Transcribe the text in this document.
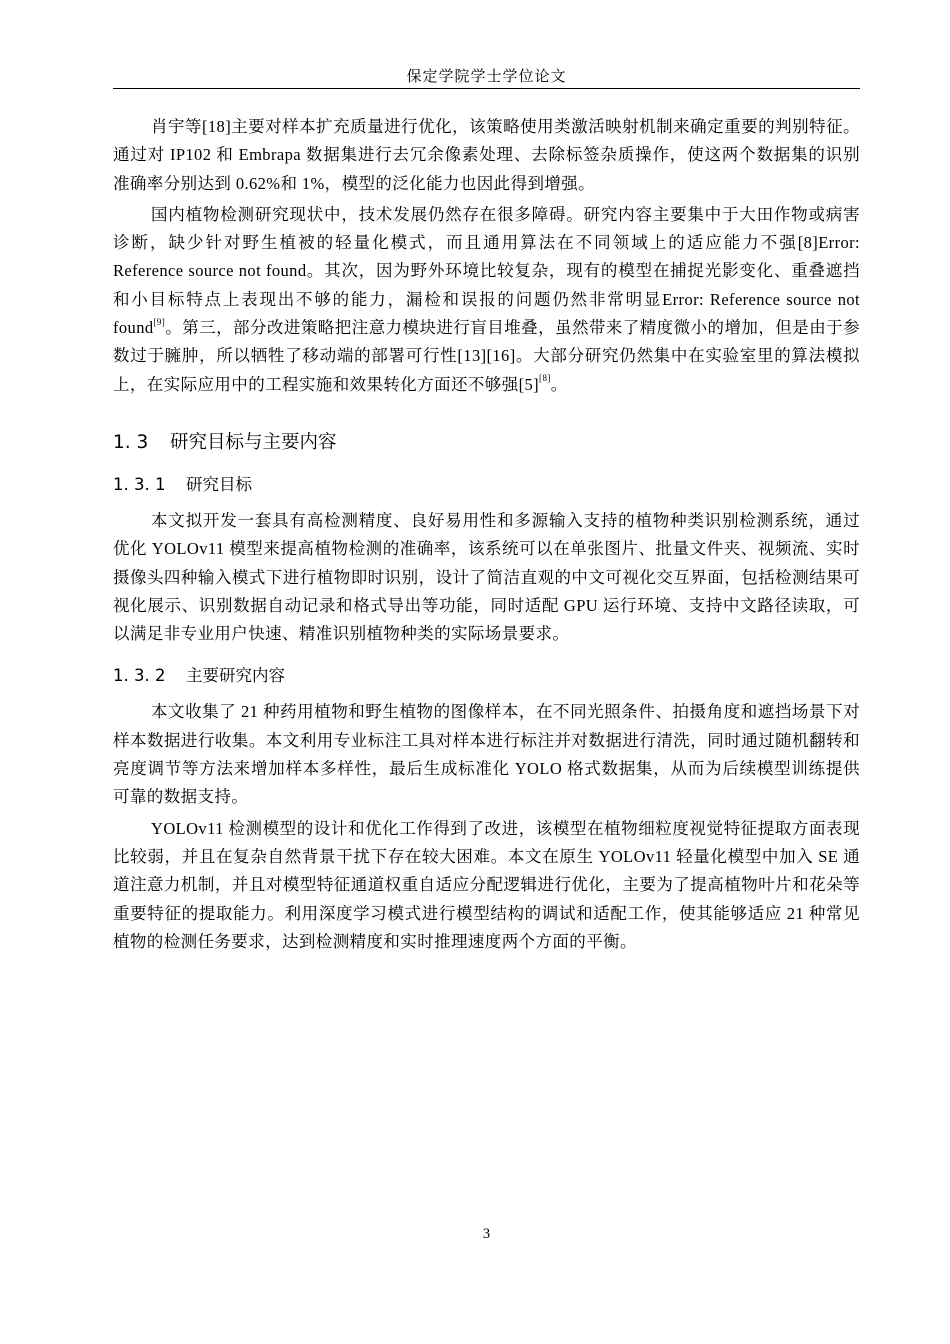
保定学院学士学位论文

肖宇等[18]主要对样本扩充质量进行优化，该策略使用类激活映射机制来确定重要的判别特征。通过对 IP102 和 Embrapa 数据集进行去冗余像素处理、去除标签杂质操作，使这两个数据集的识别准确率分别达到 0.62%和 1%，模型的泛化能力也因此得到增强。

国内植物检测研究现状中，技术发展仍然存在很多障碍。研究内容主要集中于大田作物或病害诊断，缺少针对野生植被的轻量化模式，而且通用算法在不同领域上的适应能力不强[8]Error: Reference source not found。其次，因为野外环境比较复杂，现有的模型在捕捉光影变化、重叠遮挡和小目标特点上表现出不够的能力，漏检和误报的问题仍然非常明显Error: Reference source not found[9]。第三，部分改进策略把注意力模块进行盲目堆叠，虽然带来了精度微小的增加，但是由于参数过于臃肿，所以牺牲了移动端的部署可行性[13][16]。大部分研究仍然集中在实验室里的算法模拟上，在实际应用中的工程实施和效果转化方面还不够强[5][8]。

1. 3 研究目标与主要内容
1. 3. 1 研究目标

本文拟开发一套具有高检测精度、良好易用性和多源输入支持的植物种类识别检测系统，通过优化 YOLOv11 模型来提高植物检测的准确率，该系统可以在单张图片、批量文件夹、视频流、实时摄像头四种输入模式下进行植物即时识别，设计了简洁直观的中文可视化交互界面，包括检测结果可视化展示、识别数据自动记录和格式导出等功能，同时适配 GPU 运行环境、支持中文路径读取，可以满足非专业用户快速、精准识别植物种类的实际场景要求。

1. 3. 2 主要研究内容

本文收集了 21 种药用植物和野生植物的图像样本，在不同光照条件、拍摄角度和遮挡场景下对样本数据进行收集。本文利用专业标注工具对样本进行标注并对数据进行清洗，同时通过随机翻转和亮度调节等方法来增加样本多样性，最后生成标准化 YOLO 格式数据集，从而为后续模型训练提供可靠的数据支持。

YOLOv11 检测模型的设计和优化工作得到了改进，该模型在植物细粒度视觉特征提取方面表现比较弱，并且在复杂自然背景干扰下存在较大困难。本文在原生 YOLOv11 轻量化模型中加入 SE 通道注意力机制，并且对模型特征通道权重自适应分配逻辑进行优化，主要为了提高植物叶片和花朵等重要特征的提取能力。利用深度学习模式进行模型结构的调试和适配工作，使其能够适应 21 种常见植物的检测任务要求，达到检测精度和实时推理速度两个方面的平衡。

3
